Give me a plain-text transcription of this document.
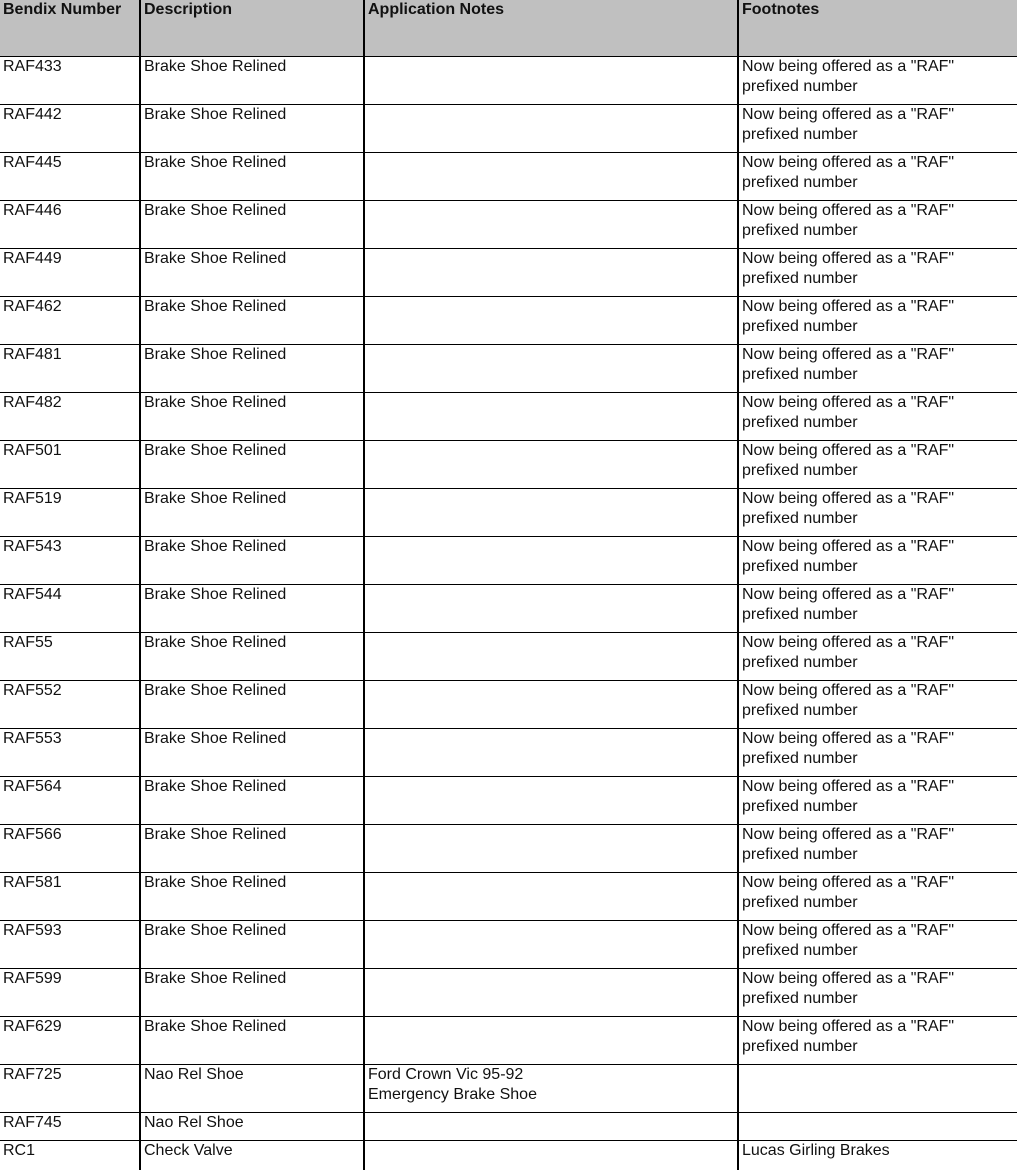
Bendix Number	Description	Application Notes	Footnotes
RAF433	Brake Shoe Relined		Now being offered as a "RAF"
prefixed number

RAF442	Brake Shoe Relined		Now being offered as a "RAF"
prefixed number

RAF445	Brake Shoe Relined		Now being offered as a "RAF"
prefixed number

RAF446	Brake Shoe Relined		Now being offered as a "RAF"
prefixed number

RAF449	Brake Shoe Relined		Now being offered as a "RAF"
prefixed number

RAF462	Brake Shoe Relined		Now being offered as a "RAF"
prefixed number

RAF481	Brake Shoe Relined		Now being offered as a "RAF"
prefixed number

RAF482	Brake Shoe Relined		Now being offered as a "RAF"
prefixed number

RAF501	Brake Shoe Relined		Now being offered as a "RAF"
prefixed number

RAF519	Brake Shoe Relined		Now being offered as a "RAF"
prefixed number

RAF543	Brake Shoe Relined		Now being offered as a "RAF"
prefixed number

RAF544	Brake Shoe Relined		Now being offered as a "RAF"
prefixed number

RAF55	Brake Shoe Relined		Now being offered as a "RAF"
prefixed number

RAF552	Brake Shoe Relined		Now being offered as a "RAF"
prefixed number

RAF553	Brake Shoe Relined		Now being offered as a "RAF"
prefixed number

RAF564	Brake Shoe Relined		Now being offered as a "RAF"
prefixed number

RAF566	Brake Shoe Relined		Now being offered as a "RAF"
prefixed number

RAF581	Brake Shoe Relined		Now being offered as a "RAF"
prefixed number

RAF593	Brake Shoe Relined		Now being offered as a "RAF"
prefixed number

RAF599	Brake Shoe Relined		Now being offered as a "RAF"
prefixed number

RAF629	Brake Shoe Relined		Now being offered as a "RAF"
prefixed number

RAF725	Nao Rel Shoe	Ford Crown Vic 95-92
Emergency Brake Shoe	

RAF745	Nao Rel Shoe	

RC1	Check Valve		Lucas Girling Brakes
